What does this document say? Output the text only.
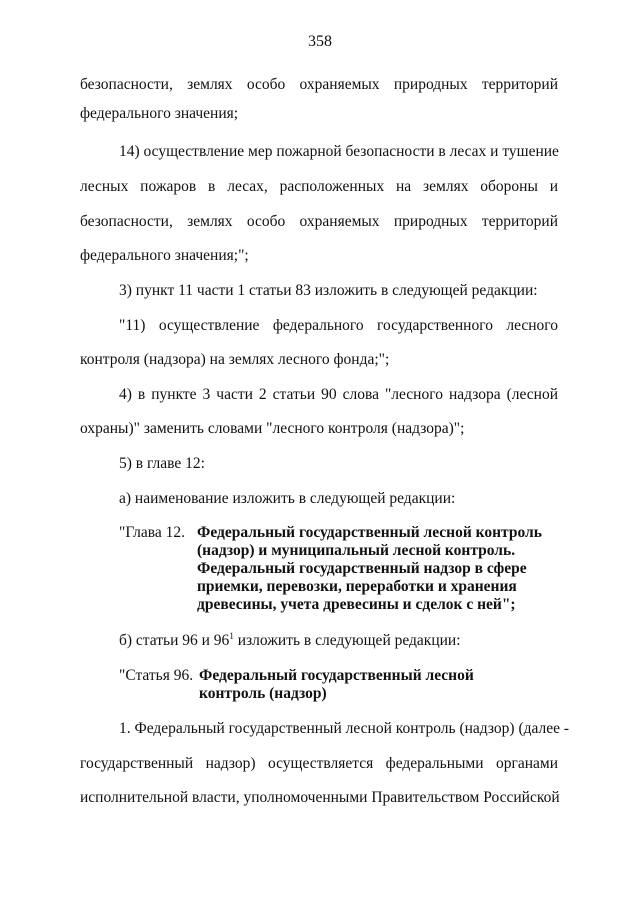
358
безопасности, землях особо охраняемых природных территорий
федерального значения;
14) осуществление мер пожарной безопасности в лесах и тушение
лесных пожаров в лесах, расположенных на землях обороны и
безопасности, землях особо охраняемых природных территорий
федерального значения;";
3) пункт 11 части 1 статьи 83 изложить в следующей редакции:
"11) осуществление федерального государственного лесного
контроля (надзора) на землях лесного фонда;";
4) в пункте 3 части 2 статьи 90 слова "лесного надзора (лесной
охраны)" заменить словами "лесного контроля (надзора)";
5) в главе 12:
а) наименование изложить в следующей редакции:
"Глава 12. Федеральный государственный лесной контроль
(надзор) и муниципальный лесной контроль.
Федеральный государственный надзор в сфере
приемки, перевозки, переработки и хранения
древесины, учета древесины и сделок с ней";
б) статьи 96 и $96^1$ изложить в следующей редакции:
"Статья 96. Федеральный государственный лесной
контроль (надзор)
1. Федеральный государственный лесной контроль (надзор) (далее -
государственный надзор) осуществляется федеральными органами
исполнительной власти, уполномоченными Правительством Российской
